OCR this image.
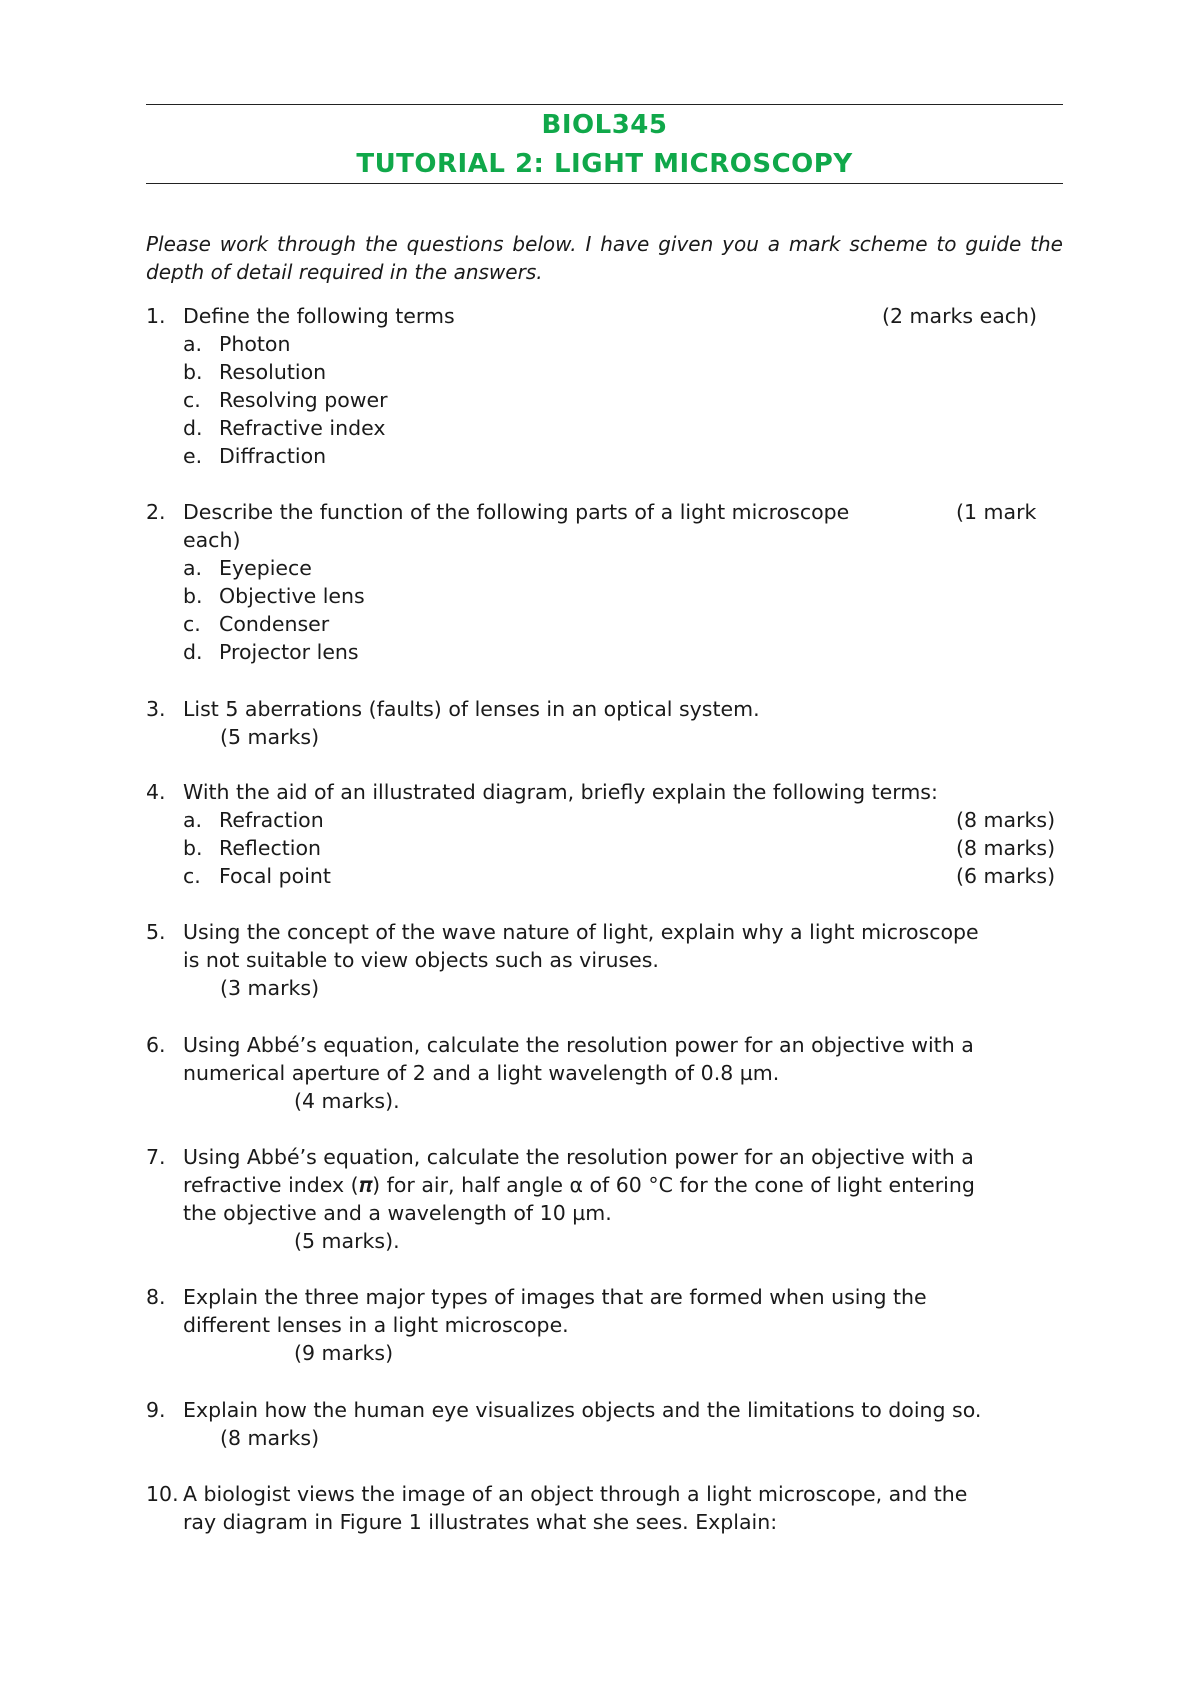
BIOL345
TUTORIAL 2: LIGHT MICROSCOPY
Please work through the questions below. I have given you a mark scheme to guide the depth of detail required in the answers.
1. Define the following terms	(2 marks each)
a. Photon
b. Resolution
c. Resolving power
d. Refractive index
e. Diffraction
2. Describe the function of the following parts of a light microscope	(1 mark
each)
a. Eyepiece
b. Objective lens
c. Condenser
d. Projector lens
3. List 5 aberrations (faults) of lenses in an optical system.
(5 marks)
4. With the aid of an illustrated diagram, briefly explain the following terms:
a. Refraction	(8 marks)
b. Reflection	(8 marks)
c. Focal point	(6 marks)
5. Using the concept of the wave nature of light, explain why a light microscope
is not suitable to view objects such as viruses.
(3 marks)
6. Using Abbé’s equation, calculate the resolution power for an objective with a
numerical aperture of 2 and a light wavelength of 0.8 µm.
(4 marks).
7. Using Abbé’s equation, calculate the resolution power for an objective with a
refractive index (𝝅) for air, half angle α of 60 °C for the cone of light entering
the objective and a wavelength of 10 µm.
(5 marks).
8. Explain the three major types of images that are formed when using the
different lenses in a light microscope.
(9 marks)
9. Explain how the human eye visualizes objects and the limitations to doing so.
(8 marks)
10. A biologist views the image of an object through a light microscope, and the
ray diagram in Figure 1 illustrates what she sees. Explain:
